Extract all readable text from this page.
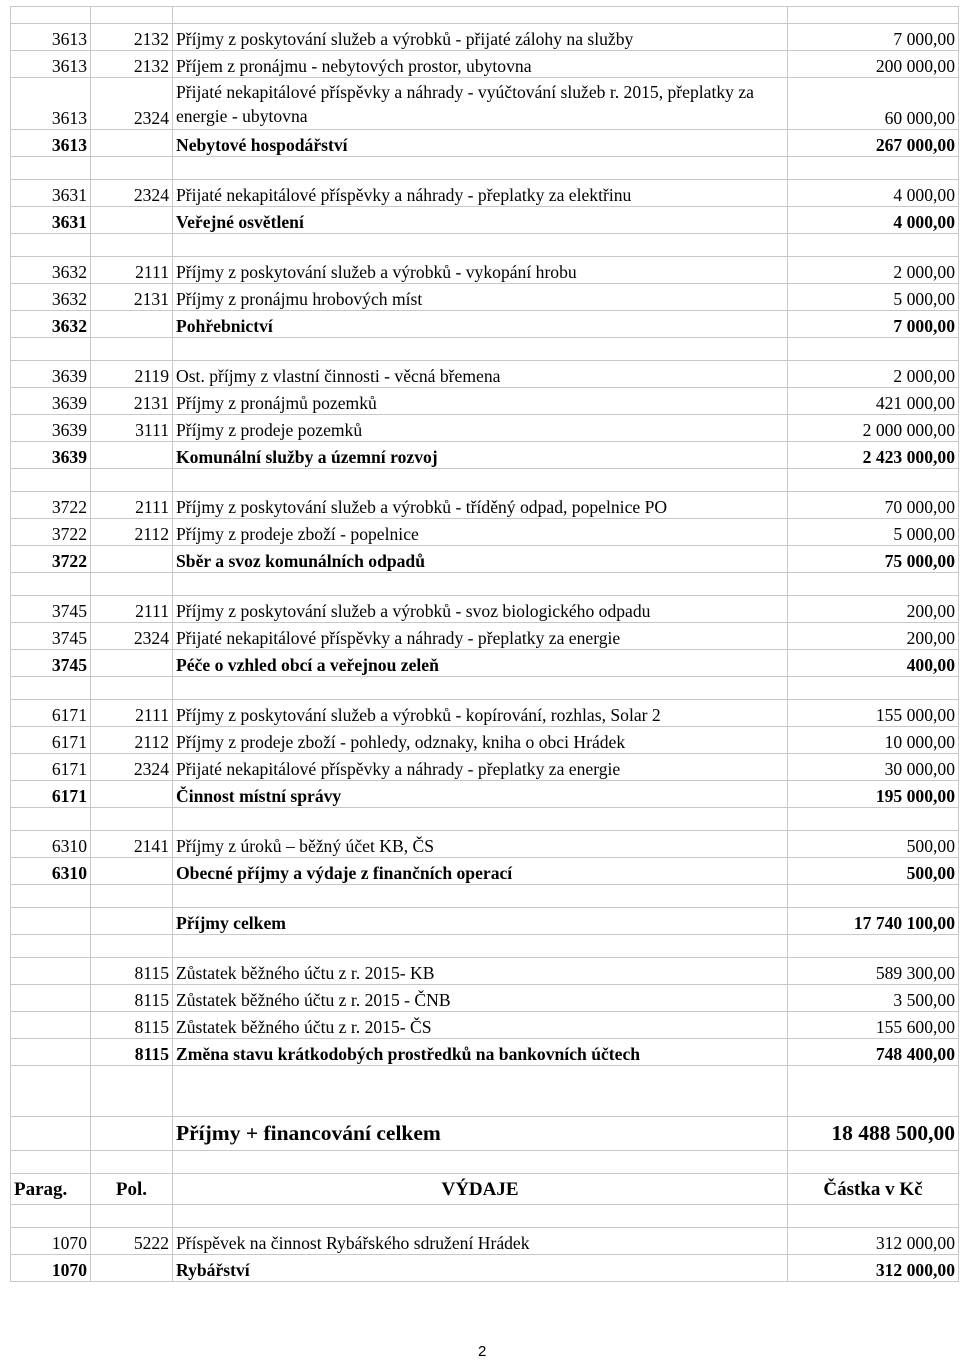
3613	2132	Příjmy z poskytování služeb a výrobků - přijaté zálohy na služby	7 000,00
3613	2132	Příjem z pronájmu - nebytových prostor, ubytovna	200 000,00
3613	2324	Přijaté nekapitálové příspěvky a náhrady - vyúčtování služeb r. 2015, přeplatky za energie - ubytovna	60 000,00
3613		Nebytové hospodářství	267 000,00

3631	2324	Přijaté nekapitálové příspěvky a náhrady - přeplatky za elektřinu	4 000,00
3631		Veřejné osvětlení	4 000,00

3632	2111	Příjmy z poskytování služeb a výrobků - vykopání hrobu	2 000,00
3632	2131	Příjmy z pronájmu hrobových míst	5 000,00
3632		Pohřebnictví	7 000,00

3639	2119	Ost. příjmy z vlastní činnosti - věcná břemena	2 000,00
3639	2131	Příjmy z pronájmů pozemků	421 000,00
3639	3111	Příjmy z prodeje pozemků	2 000 000,00
3639		Komunální služby a územní rozvoj	2 423 000,00

3722	2111	Příjmy z poskytování služeb a výrobků - tříděný odpad, popelnice PO	70 000,00
3722	2112	Příjmy z prodeje zboží - popelnice	5 000,00
3722		Sběr a svoz komunálních odpadů	75 000,00

3745	2111	Příjmy z poskytování služeb a výrobků - svoz biologického odpadu	200,00
3745	2324	Přijaté nekapitálové příspěvky a náhrady - přeplatky za energie	200,00
3745		Péče o vzhled obcí a veřejnou zeleň	400,00

6171	2111	Příjmy z poskytování služeb a výrobků - kopírování, rozhlas, Solar 2	155 000,00
6171	2112	Příjmy z prodeje zboží - pohledy, odznaky, kniha o obci Hrádek	10 000,00
6171	2324	Přijaté nekapitálové příspěvky a náhrady - přeplatky za energie	30 000,00
6171		Činnost místní správy	195 000,00

6310	2141	Příjmy z úroků – běžný účet KB, ČS	500,00
6310		Obecné příjmy a výdaje z finančních operací	500,00

		Příjmy celkem	17 740 100,00

	8115	Zůstatek běžného účtu z r. 2015- KB	589 300,00
	8115	Zůstatek běžného účtu z r. 2015 - ČNB	3 500,00
	8115	Zůstatek běžného účtu z r. 2015- ČS	155 600,00
	8115	Změna stavu krátkodobých prostředků na bankovních účtech	748 400,00

		Příjmy + financování celkem	18 488 500,00

Parag.	Pol.	VÝDAJE	Částka v Kč

1070	5222	Příspěvek na činnost Rybářského sdružení Hrádek	312 000,00
1070		Rybářství	312 000,00
2
